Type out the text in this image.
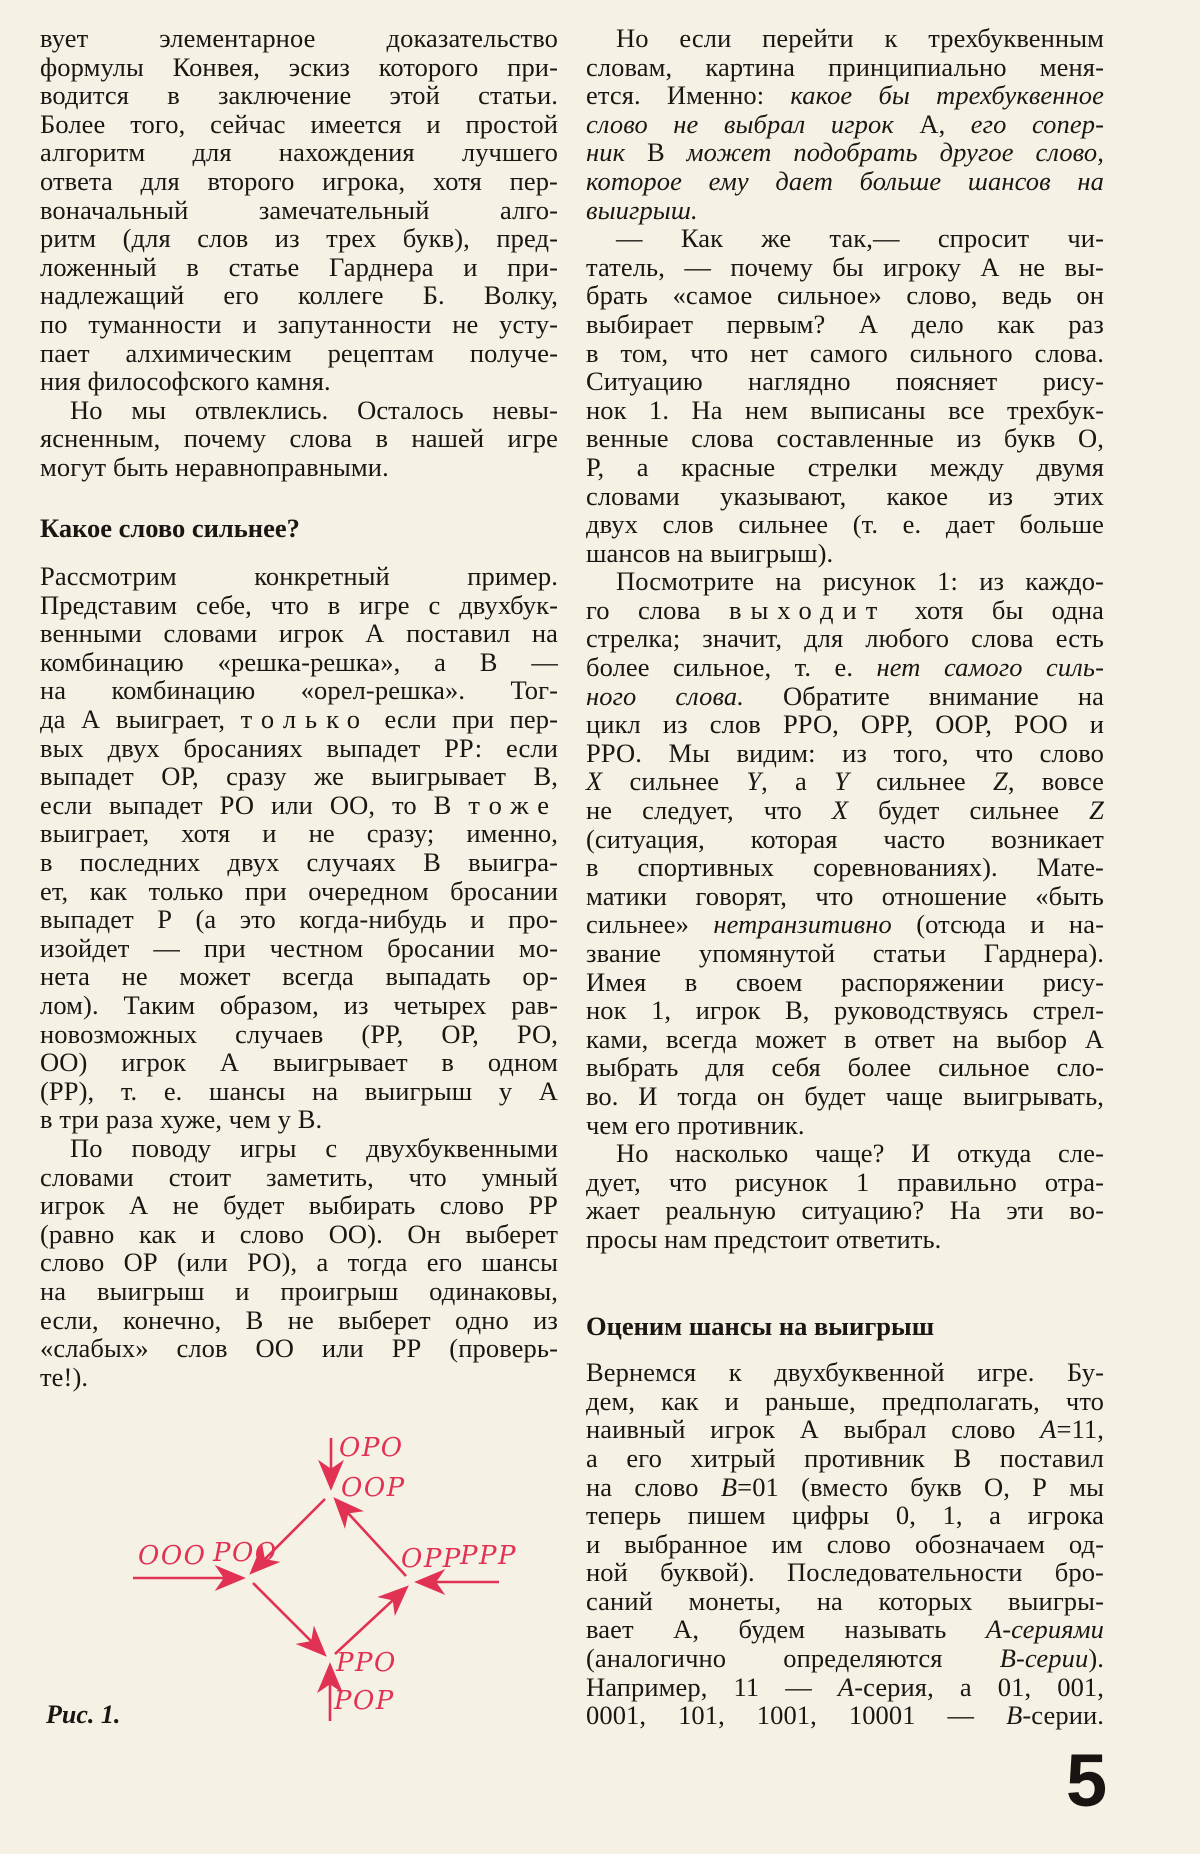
вует элементарное доказательство
формулы Конвея, эскиз которого при-
водится в заключение этой статьи.
Более того, сейчас имеется и простой
алгоритм для нахождения лучшего
ответа для второго игрока, хотя пер-
воначальный замечательный алго-
ритм (для слов из трех букв), пред-
ложенный в статье Гарднера и при-
надлежащий его коллеге Б. Волку,
по туманности и запутанности не усту-
пает алхимическим рецептам получе-
ния философского камня.
Но мы отвлеклись. Осталось невы-
ясненным, почему слова в нашей игре
могут быть неравноправными.
Какое слово сильнее?
Рассмотрим конкретный пример.
Представим себе, что в игре с двухбук-
венными словами игрок А поставил на
комбинацию «решка-решка», а В —
на комбинацию «орел-решка». Тог-
да А выиграет, только если при пер-
вых двух бросаниях выпадет РР: если
выпадет ОР, сразу же выигрывает В,
если выпадет РО или ОО, то В тоже
выиграет, хотя и не сразу; именно,
в последних двух случаях В выигра-
ет, как только при очередном бросании
выпадет Р (а это когда-нибудь и про-
изойдет — при честном бросании мо-
нета не может всегда выпадать ор-
лом). Таким образом, из четырех рав-
новозможных случаев (РР, ОР, РО,
ОО) игрок А выигрывает в одном
(РР), т. е. шансы на выигрыш у А
в три раза хуже, чем у В.
По поводу игры с двухбуквенными
словами стоит заметить, что умный
игрок А не будет выбирать слово РР
(равно как и слово ОО). Он выберет
слово ОР (или РО), а тогда его шансы
на выигрыш и проигрыш одинаковы,
если, конечно, В не выберет одно из
«слабых» слов ОО или РР (проверь-
те!).
Но если перейти к трехбуквенным
словам, картина принципиально меня-
ется. Именно: какое бы трехбуквенное
слово не выбрал игрок А, его сопер-
ник В может подобрать другое слово,
которое ему дает больше шансов на
выигрыш.
— Как же так,— спросит чи-
татель, — почему бы игроку А не вы-
брать «самое сильное» слово, ведь он
выбирает первым? А дело как раз
в том, что нет самого сильного слова.
Ситуацию наглядно поясняет рису-
нок 1. На нем выписаны все трехбук-
венные слова составленные из букв О,
Р, а красные стрелки между двумя
словами указывают, какое из этих
двух слов сильнее (т. е. дает больше
шансов на выигрыш).
Посмотрите на рисунок 1: из каждо-
го слова выходит хотя бы одна
стрелка; значит, для любого слова есть
более сильное, т. е. нет самого силь-
ного слова. Обратите внимание на
цикл из слов РРО, ОРР, ООР, РОО и
РРО. Мы видим: из того, что слово
X сильнее Y, а Y сильнее Z, вовсе
не следует, что X будет сильнее Z
(ситуация, которая часто возникает
в спортивных соревнованиях). Мате-
матики говорят, что отношение «быть
сильнее» нетранзитивно (отсюда и на-
звание упомянутой статьи Гарднера).
Имея в своем распоряжении рису-
нок 1, игрок В, руководствуясь стрел-
ками, всегда может в ответ на выбор А
выбрать для себя более сильное сло-
во. И тогда он будет чаще выигрывать,
чем его противник.
Но насколько чаще? И откуда сле-
дует, что рисунок 1 правильно отра-
жает реальную ситуацию? На эти во-
просы нам предстоит ответить.
Оценим шансы на выигрыш
Вернемся к двухбуквенной игре. Бу-
дем, как и раньше, предполагать, что
наивный игрок А выбрал слово А=11,
а его хитрый противник В поставил
на слово В=01 (вместо букв О, Р мы
теперь пишем цифры 0, 1, а игрока
и выбранное им слово обозначаем од-
ной буквой). Последовательности бро-
саний монеты, на которых выигры-
вает А, будем называть А-сериями
(аналогично определяются В-серии).
Например, 11 — А-серия, а 01, 001,
0001, 101, 1001, 10001 — В-серии.
ОРО
ООР
ООО РОО	ОРР
РРР
РРО
РОР
Рис. 1.
5
